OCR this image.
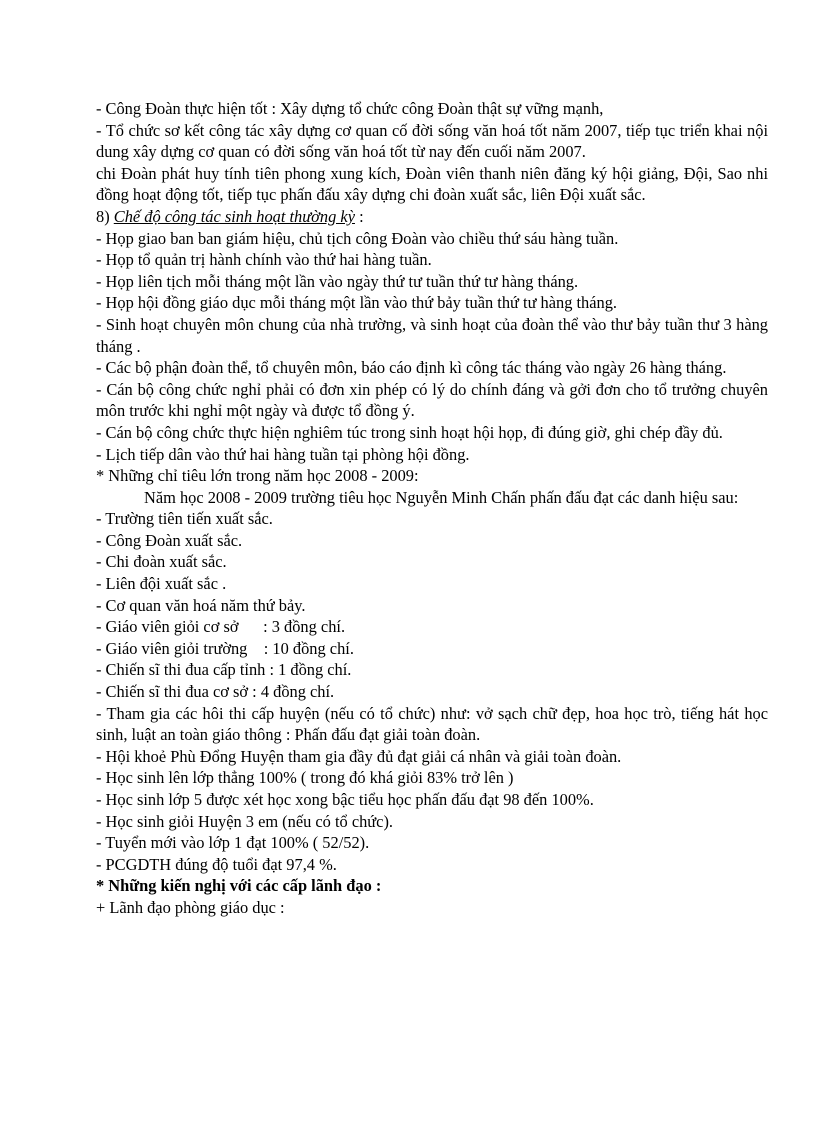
- Công Đoàn thực hiện tốt : Xây dựng tổ chức công Đoàn thật sự vững mạnh,

- Tổ chức sơ kết công tác xây dựng cơ quan cố đời sống văn hoá tốt năm 2007, tiếp tục triển khai nội dung xây dựng cơ quan có đời sống văn hoá tốt từ nay đến cuối năm 2007.

chi Đoàn phát huy tính tiên phong xung kích, Đoàn viên thanh niên đăng ký hội giảng, Đội, Sao nhi đồng hoạt động tốt, tiếp tục phấn đấu xây dựng chi đoàn xuất sắc, liên Đội xuất sắc.

8) Chế độ công tác sinh hoạt thường kỳ :

- Họp giao ban ban giám hiệu, chủ tịch công Đoàn vào chiều thứ sáu hàng tuần.

- Họp tổ quản trị hành chính vào thứ hai hàng tuần.

- Họp liên tịch mỗi tháng một lần vào ngày thứ tư tuần thứ tư hàng tháng.

- Họp hội đồng giáo dục mỗi tháng một lần vào thứ bảy tuần thứ tư hàng tháng.

- Sinh hoạt chuyên môn chung của nhà trường, và sinh hoạt của đoàn thể vào thư bảy tuần thư 3 hàng tháng .

- Các bộ phận đoàn thể, tổ chuyên môn, báo cáo định kì công tác tháng vào ngày 26 hàng tháng.

- Cán bộ công chức nghỉ phải có đơn xin phép có lý do chính đáng và gởi đơn cho tổ trưởng chuyên môn trước khi nghỉ một ngày và được tổ đồng ý.

- Cán bộ công chức thực hiện nghiêm túc trong sinh hoạt hội họp, đi đúng giờ, ghi chép đầy đủ.

- Lịch tiếp dân vào thứ hai hàng tuần tại phòng hội đồng.

* Những chỉ tiêu lớn trong năm học 2008 - 2009:

Năm học 2008 - 2009 trường tiêu học Nguyễn Minh Chấn phấn đấu đạt các danh hiệu sau:

- Trường tiên tiến xuất sắc.

- Công Đoàn xuất sắc.

- Chi đoàn xuất sắc.

- Liên đội xuất sắc .

- Cơ quan văn hoá năm thứ bảy.

- Giáo viên giỏi cơ sở      : 3 đồng chí.

- Giáo viên giỏi trường    : 10 đồng chí.

- Chiến sĩ thi đua cấp tỉnh : 1 đồng chí.

- Chiến sĩ thi đua cơ sở : 4 đồng chí.

- Tham gia các hôi thi cấp huyện (nếu có tổ chức) như: vở sạch chữ đẹp, hoa học trò, tiếng hát học sinh, luật an toàn giáo thông : Phấn đấu đạt giải toàn đoàn.

- Hội khoẻ Phù Đổng Huyện tham gia đầy đủ đạt giải cá nhân và giải toàn đoàn.

- Học sinh lên lớp thẳng 100% ( trong đó khá giỏi 83% trở lên )

- Học sinh lớp 5 được xét học xong bậc tiểu học phấn đấu đạt 98 đến 100%.

- Học sinh giỏi Huyện 3 em (nếu có tổ chức).

- Tuyển mới vào lớp 1 đạt 100% ( 52/52).

- PCGDTH đúng độ tuổi đạt 97,4 %.

* Những kiến nghị với các cấp lãnh đạo :

+ Lãnh đạo phòng giáo dục :
